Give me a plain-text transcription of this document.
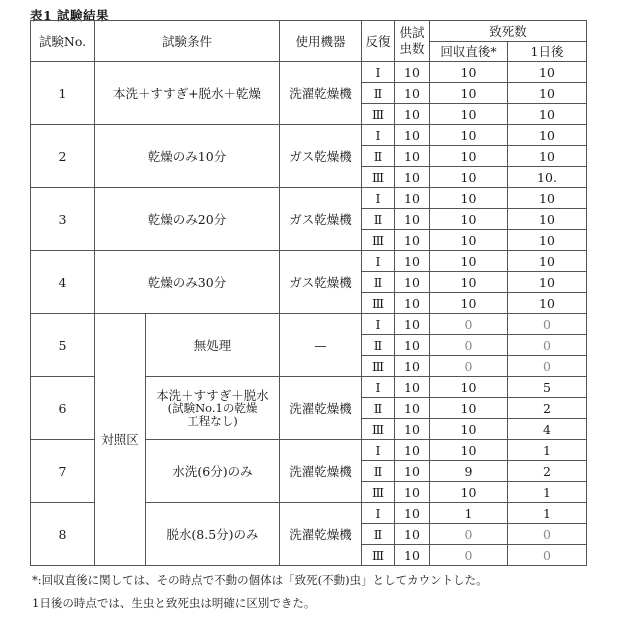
表1 試験結果
試験No.	試験条件		使用機器	反復	供試
虫数	致死数	
						回収直後*	1日後
1	本洗＋すすぎ+脱水＋乾燥		洗濯乾燥機	Ⅰ	10	10	10
				Ⅱ	10	10	10
				Ⅲ	10	10	10
2	乾燥のみ10分		ガス乾燥機	Ⅰ	10	10	10
				Ⅱ	10	10	10
				Ⅲ	10	10	10.
3	乾燥のみ20分		ガス乾燥機	Ⅰ	10	10	10
				Ⅱ	10	10	10
				Ⅲ	10	10	10
4	乾燥のみ30分		ガス乾燥機	Ⅰ	10	10	10
				Ⅱ	10	10	10
				Ⅲ	10	10	10
5	対照区	無処理	—	Ⅰ	10	0	0
				Ⅱ	10	0	0
				Ⅲ	10	0	0
6		本洗＋すすぎ＋脱水
(試験No.1の乾燥
工程なし)	洗濯乾燥機	Ⅰ	10	10	5
				Ⅱ	10	10	2
				Ⅲ	10	10	4
7		水洗(6分)のみ	洗濯乾燥機	Ⅰ	10	10	1
				Ⅱ	10	9	2
				Ⅲ	10	10	1
8		脱水(8.5分)のみ	洗濯乾燥機	Ⅰ	10	1	1
				Ⅱ	10	0	0
				Ⅲ	10	0	0
*:回収直後に関しては、その時点で不動の個体は「致死(不動)虫」としてカウントした。
1日後の時点では、生虫と致死虫は明確に区別できた。
